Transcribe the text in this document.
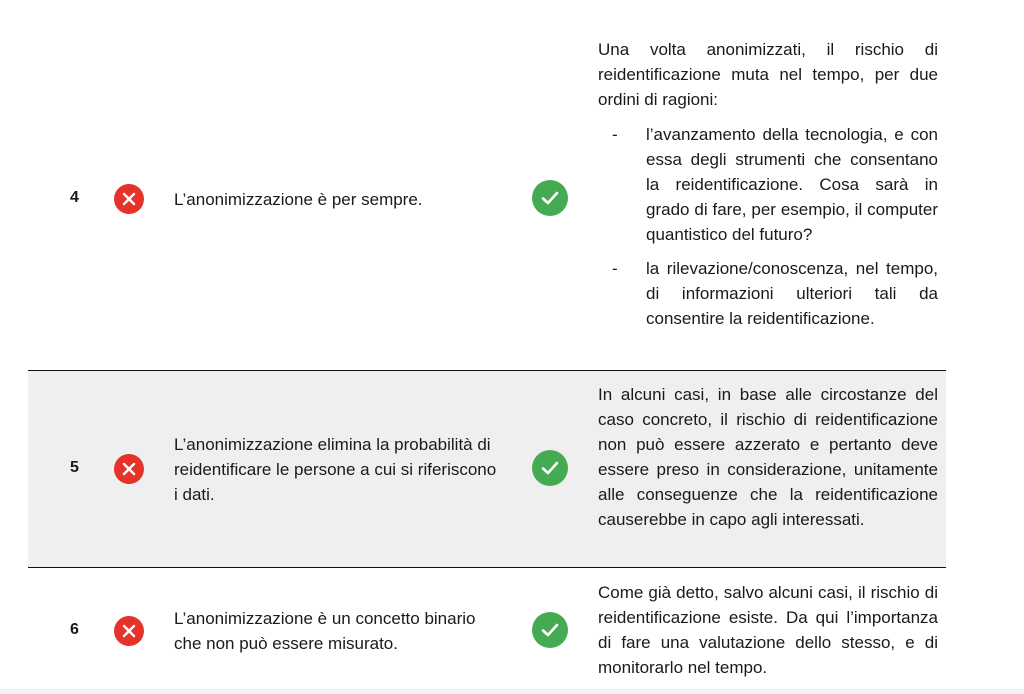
4	L’anonimizzazione è per sempre.

Una volta anonimizzati, il rischio di reidentificazione muta nel tempo, per due ordini di ragioni:

- l’avanzamento della tecnologia, e con essa degli strumenti che consentano la reidentificazione. Cosa sarà in grado di fare, per esempio, il computer quantistico del futuro?
- la rilevazione/conoscenza, nel tempo, di informazioni ulteriori tali da consentire la reidentificazione.
5
L’anonimizzazione elimina la probabilità di reidentificare le persone a cui si riferiscono i dati.

In alcuni casi, in base alle circostanze del caso concreto, il rischio di reidentificazione non può essere azzerato e pertanto deve essere preso in considerazione, unitamente alle conseguenze che la reidentificazione causerebbe in capo agli interessati.

6
L’anonimizzazione è un concetto binario che non può essere misurato.

Come già detto, salvo alcuni casi, il rischio di reidentificazione esiste. Da qui l’importanza di fare una valutazione dello stesso, e di monitorarlo nel tempo.
